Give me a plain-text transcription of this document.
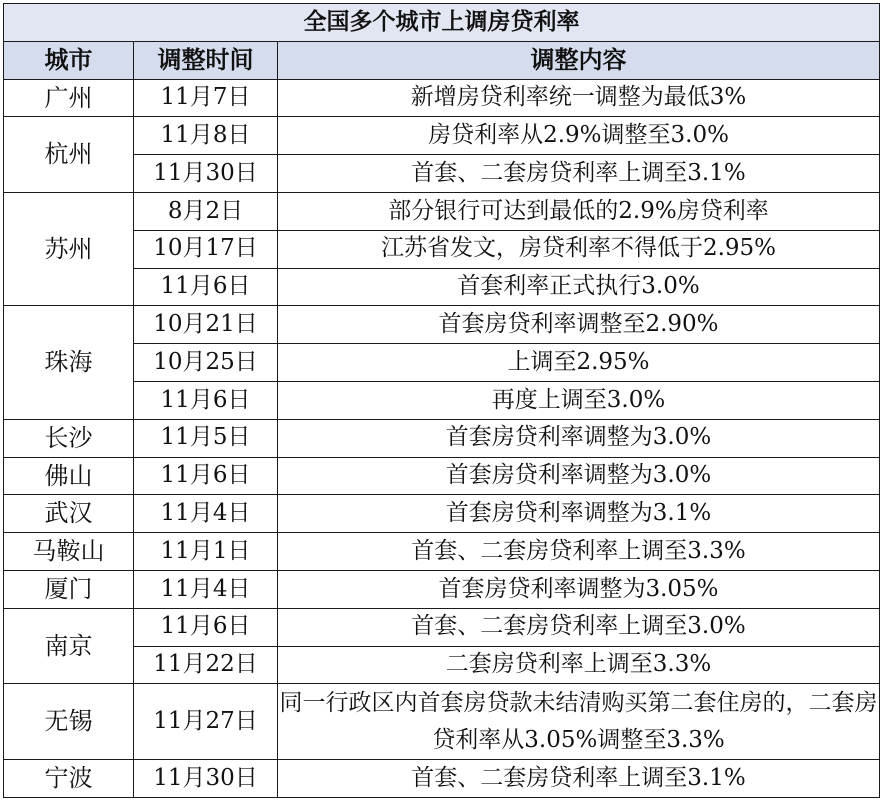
全国多个城市上调房贷利率		
城市	调整时间	调整内容
广州	11月7日	新增房贷利率统一调整为最低3%
杭州	11月8日	房贷利率从2.9%调整至3.0%
	11月30日	首套、二套房贷利率上调至3.1%
苏州	8月2日	部分银行可达到最低的2.9%房贷利率
	10月17日	江苏省发文，房贷利率不得低于2.95%
	11月6日	首套利率正式执行3.0%
珠海	10月21日	首套房贷利率调整至2.90%
	10月25日	上调至2.95%
	11月6日	再度上调至3.0%
长沙	11月5日	首套房贷利率调整为3.0%
佛山	11月6日	首套房贷利率调整为3.0%
武汉	11月4日	首套房贷利率调整为3.1%
马鞍山	11月1日	首套、二套房贷利率上调至3.3%
厦门	11月4日	首套房贷利率调整为3.05%
南京	11月6日	首套、二套房贷利率上调至3.0%
	11月22日	二套房贷利率上调至3.3%
无锡	11月27日	同一行政区内首套房贷款未结清购买第二套住房的，二套房贷利率从3.05%调整至3.3%
宁波	11月30日	首套、二套房贷利率上调至3.1%
